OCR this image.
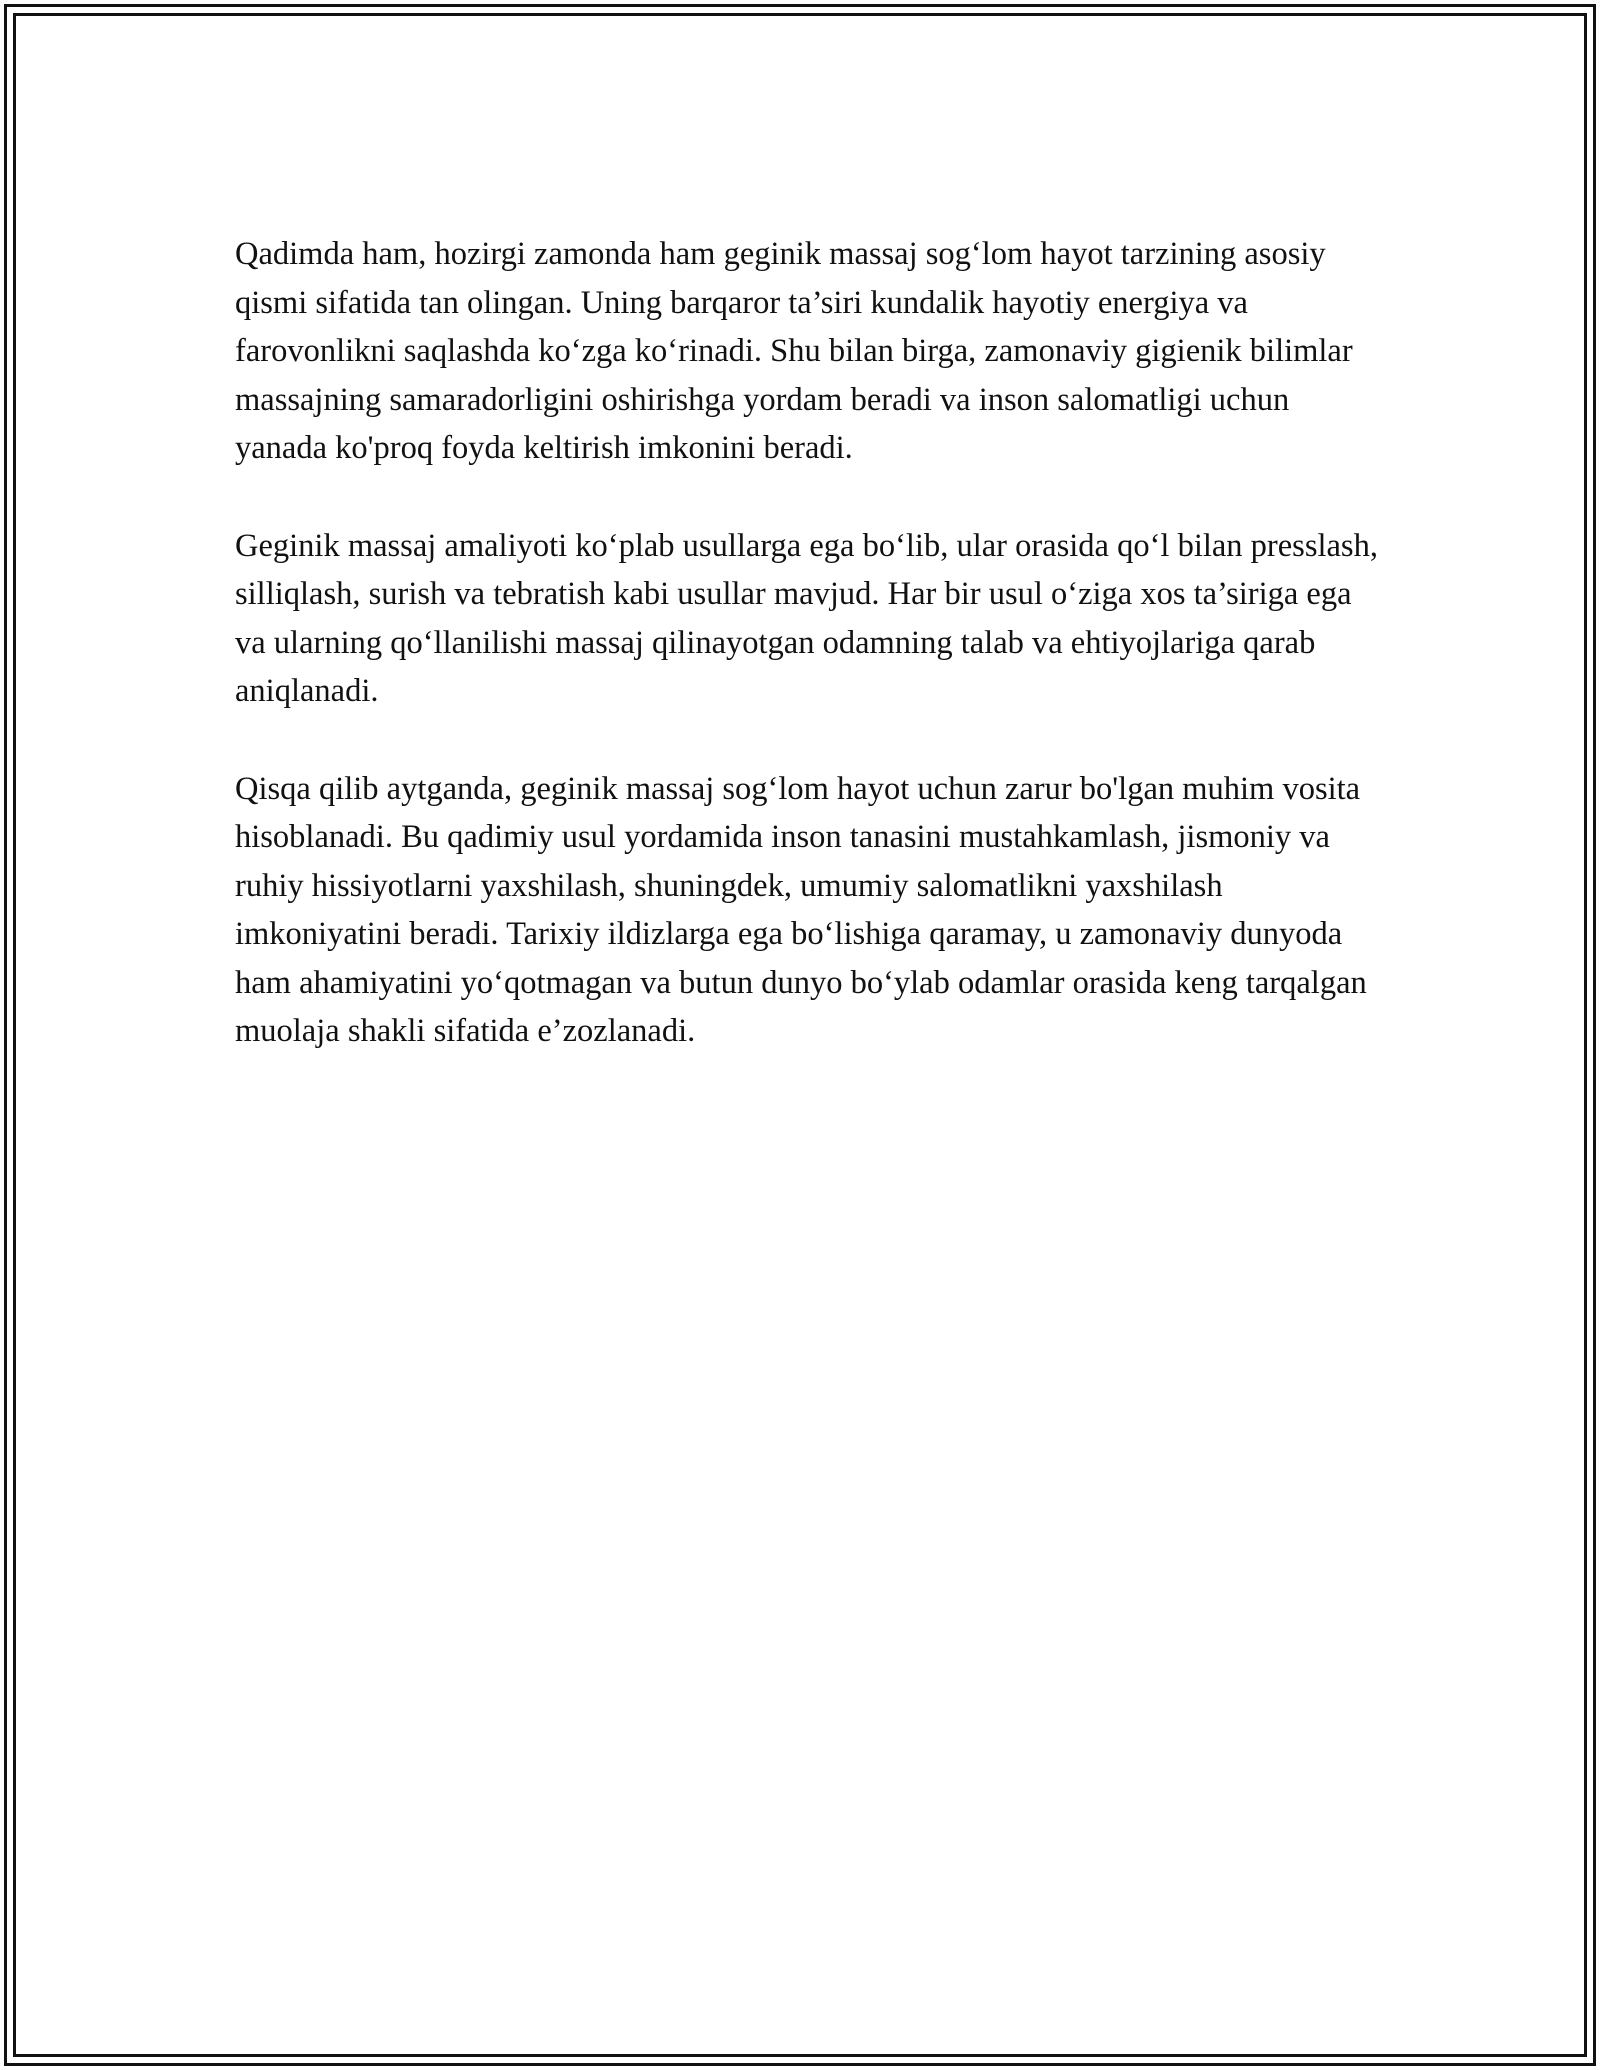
Qadimda ham, hozirgi zamonda ham geginik massaj sog‘lom hayot tarzining asosiy qismi sifatida tan olingan. Uning barqaror ta’siri kundalik hayotiy energiya va farovonlikni saqlashda ko‘zga ko‘rinadi. Shu bilan birga, zamonaviy gigienik bilimlar massajning samaradorligini oshirishga yordam beradi va inson salomatligi uchun yanada ko'proq foyda keltirish imkonini beradi.

Geginik massaj amaliyoti ko‘plab usullarga ega bo‘lib, ular orasida qo‘l bilan presslash, silliqlash, surish va tebratish kabi usullar mavjud. Har bir usul o‘ziga xos ta’siriga ega va ularning qo‘llanilishi massaj qilinayotgan odamning talab va ehtiyojlariga qarab aniqlanadi.

Qisqa qilib aytganda, geginik massaj sog‘lom hayot uchun zarur bo'lgan muhim vosita hisoblanadi. Bu qadimiy usul yordamida inson tanasini mustahkamlash, jismoniy va ruhiy hissiyotlarni yaxshilash, shuningdek, umumiy salomatlikni yaxshilash imkoniyatini beradi. Tarixiy ildizlarga ega bo‘lishiga qaramay, u zamonaviy dunyoda ham ahamiyatini yo‘qotmagan va butun dunyo bo‘ylab odamlar orasida keng tarqalgan muolaja shakli sifatida e’zozlanadi.
